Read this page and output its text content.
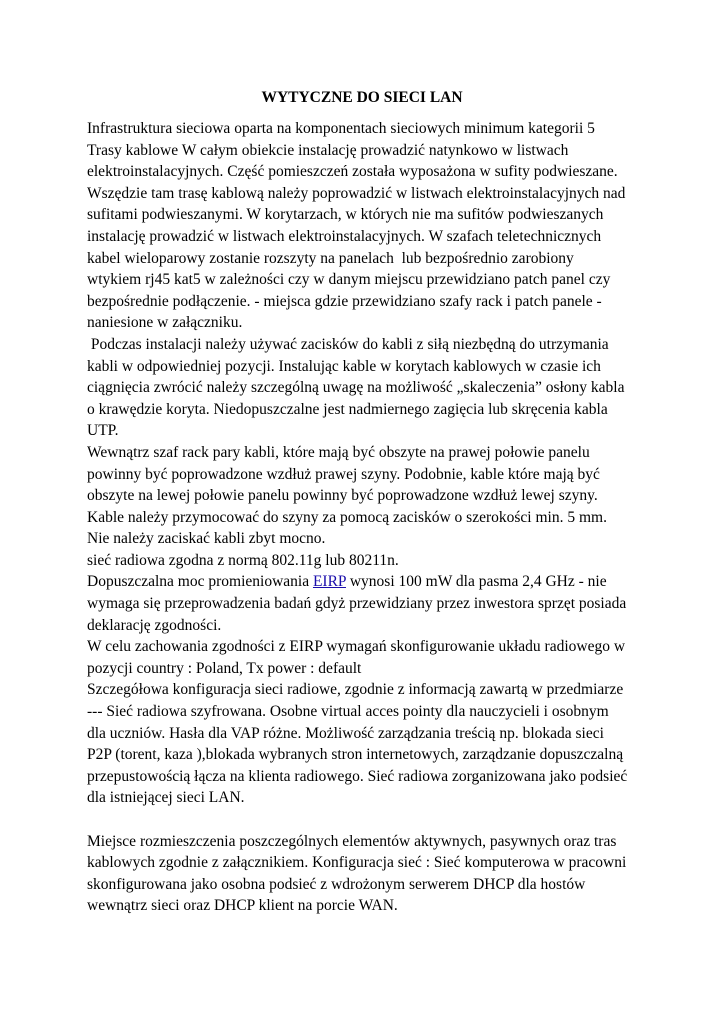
WYTYCZNE DO SIECI LAN
Infrastruktura sieciowa oparta na komponentach sieciowych minimum kategorii 5
Trasy kablowe W całym obiekcie instalację prowadzić natynkowo w listwach
elektroinstalacyjnych. Część pomieszczeń została wyposażona w sufity podwieszane.
Wszędzie tam trasę kablową należy poprowadzić w listwach elektroinstalacyjnych nad
sufitami podwieszanymi. W korytarzach, w których nie ma sufitów podwieszanych
instalację prowadzić w listwach elektroinstalacyjnych. W szafach teletechnicznych
kabel wieloparowy zostanie rozszyty na panelach  lub bezpośrednio zarobiony
wtykiem rj45 kat5 w zależności czy w danym miejscu przewidziano patch panel czy
bezpośrednie podłączenie. - miejsca gdzie przewidziano szafy rack i patch panele -
naniesione w załączniku.
Podczas instalacji należy używać zacisków do kabli z siłą niezbędną do utrzymania
kabli w odpowiedniej pozycji. Instalując kable w korytach kablowych w czasie ich
ciągnięcia zwrócić należy szczególną uwagę na możliwość „skaleczenia” osłony kabla
o krawędzie koryta. Niedopuszczalne jest nadmiernego zagięcia lub skręcenia kabla
UTP.
Wewnątrz szaf rack pary kabli, które mają być obszyte na prawej połowie panelu
powinny być poprowadzone wzdłuż prawej szyny. Podobnie, kable które mają być
obszyte na lewej połowie panelu powinny być poprowadzone wzdłuż lewej szyny.
Kable należy przymocować do szyny za pomocą zacisków o szerokości min. 5 mm.
Nie należy zaciskać kabli zbyt mocno.
sieć radiowa zgodna z normą 802.11g lub 80211n.
Dopuszczalna moc promieniowania EIRP wynosi 100 mW dla pasma 2,4 GHz - nie
wymaga się przeprowadzenia badań gdyż przewidziany przez inwestora sprzęt posiada
deklarację zgodności.
W celu zachowania zgodności z EIRP wymagań skonfigurowanie układu radiowego w
pozycji country : Poland, Tx power : default
Szczegółowa konfiguracja sieci radiowe, zgodnie z informacją zawartą w przedmiarze
--- Sieć radiowa szyfrowana. Osobne virtual acces pointy dla nauczycieli i osobnym
dla uczniów. Hasła dla VAP różne. Możliwość zarządzania treścią np. blokada sieci
P2P (torent, kaza ),blokada wybranych stron internetowych, zarządzanie dopuszczalną
przepustowością łącza na klienta radiowego. Sieć radiowa zorganizowana jako podsieć
dla istniejącej sieci LAN.
Miejsce rozmieszczenia poszczególnych elementów aktywnych, pasywnych oraz tras
kablowych zgodnie z załącznikiem. Konfiguracja sieć : Sieć komputerowa w pracowni
skonfigurowana jako osobna podsieć z wdrożonym serwerem DHCP dla hostów
wewnątrz sieci oraz DHCP klient na porcie WAN.
